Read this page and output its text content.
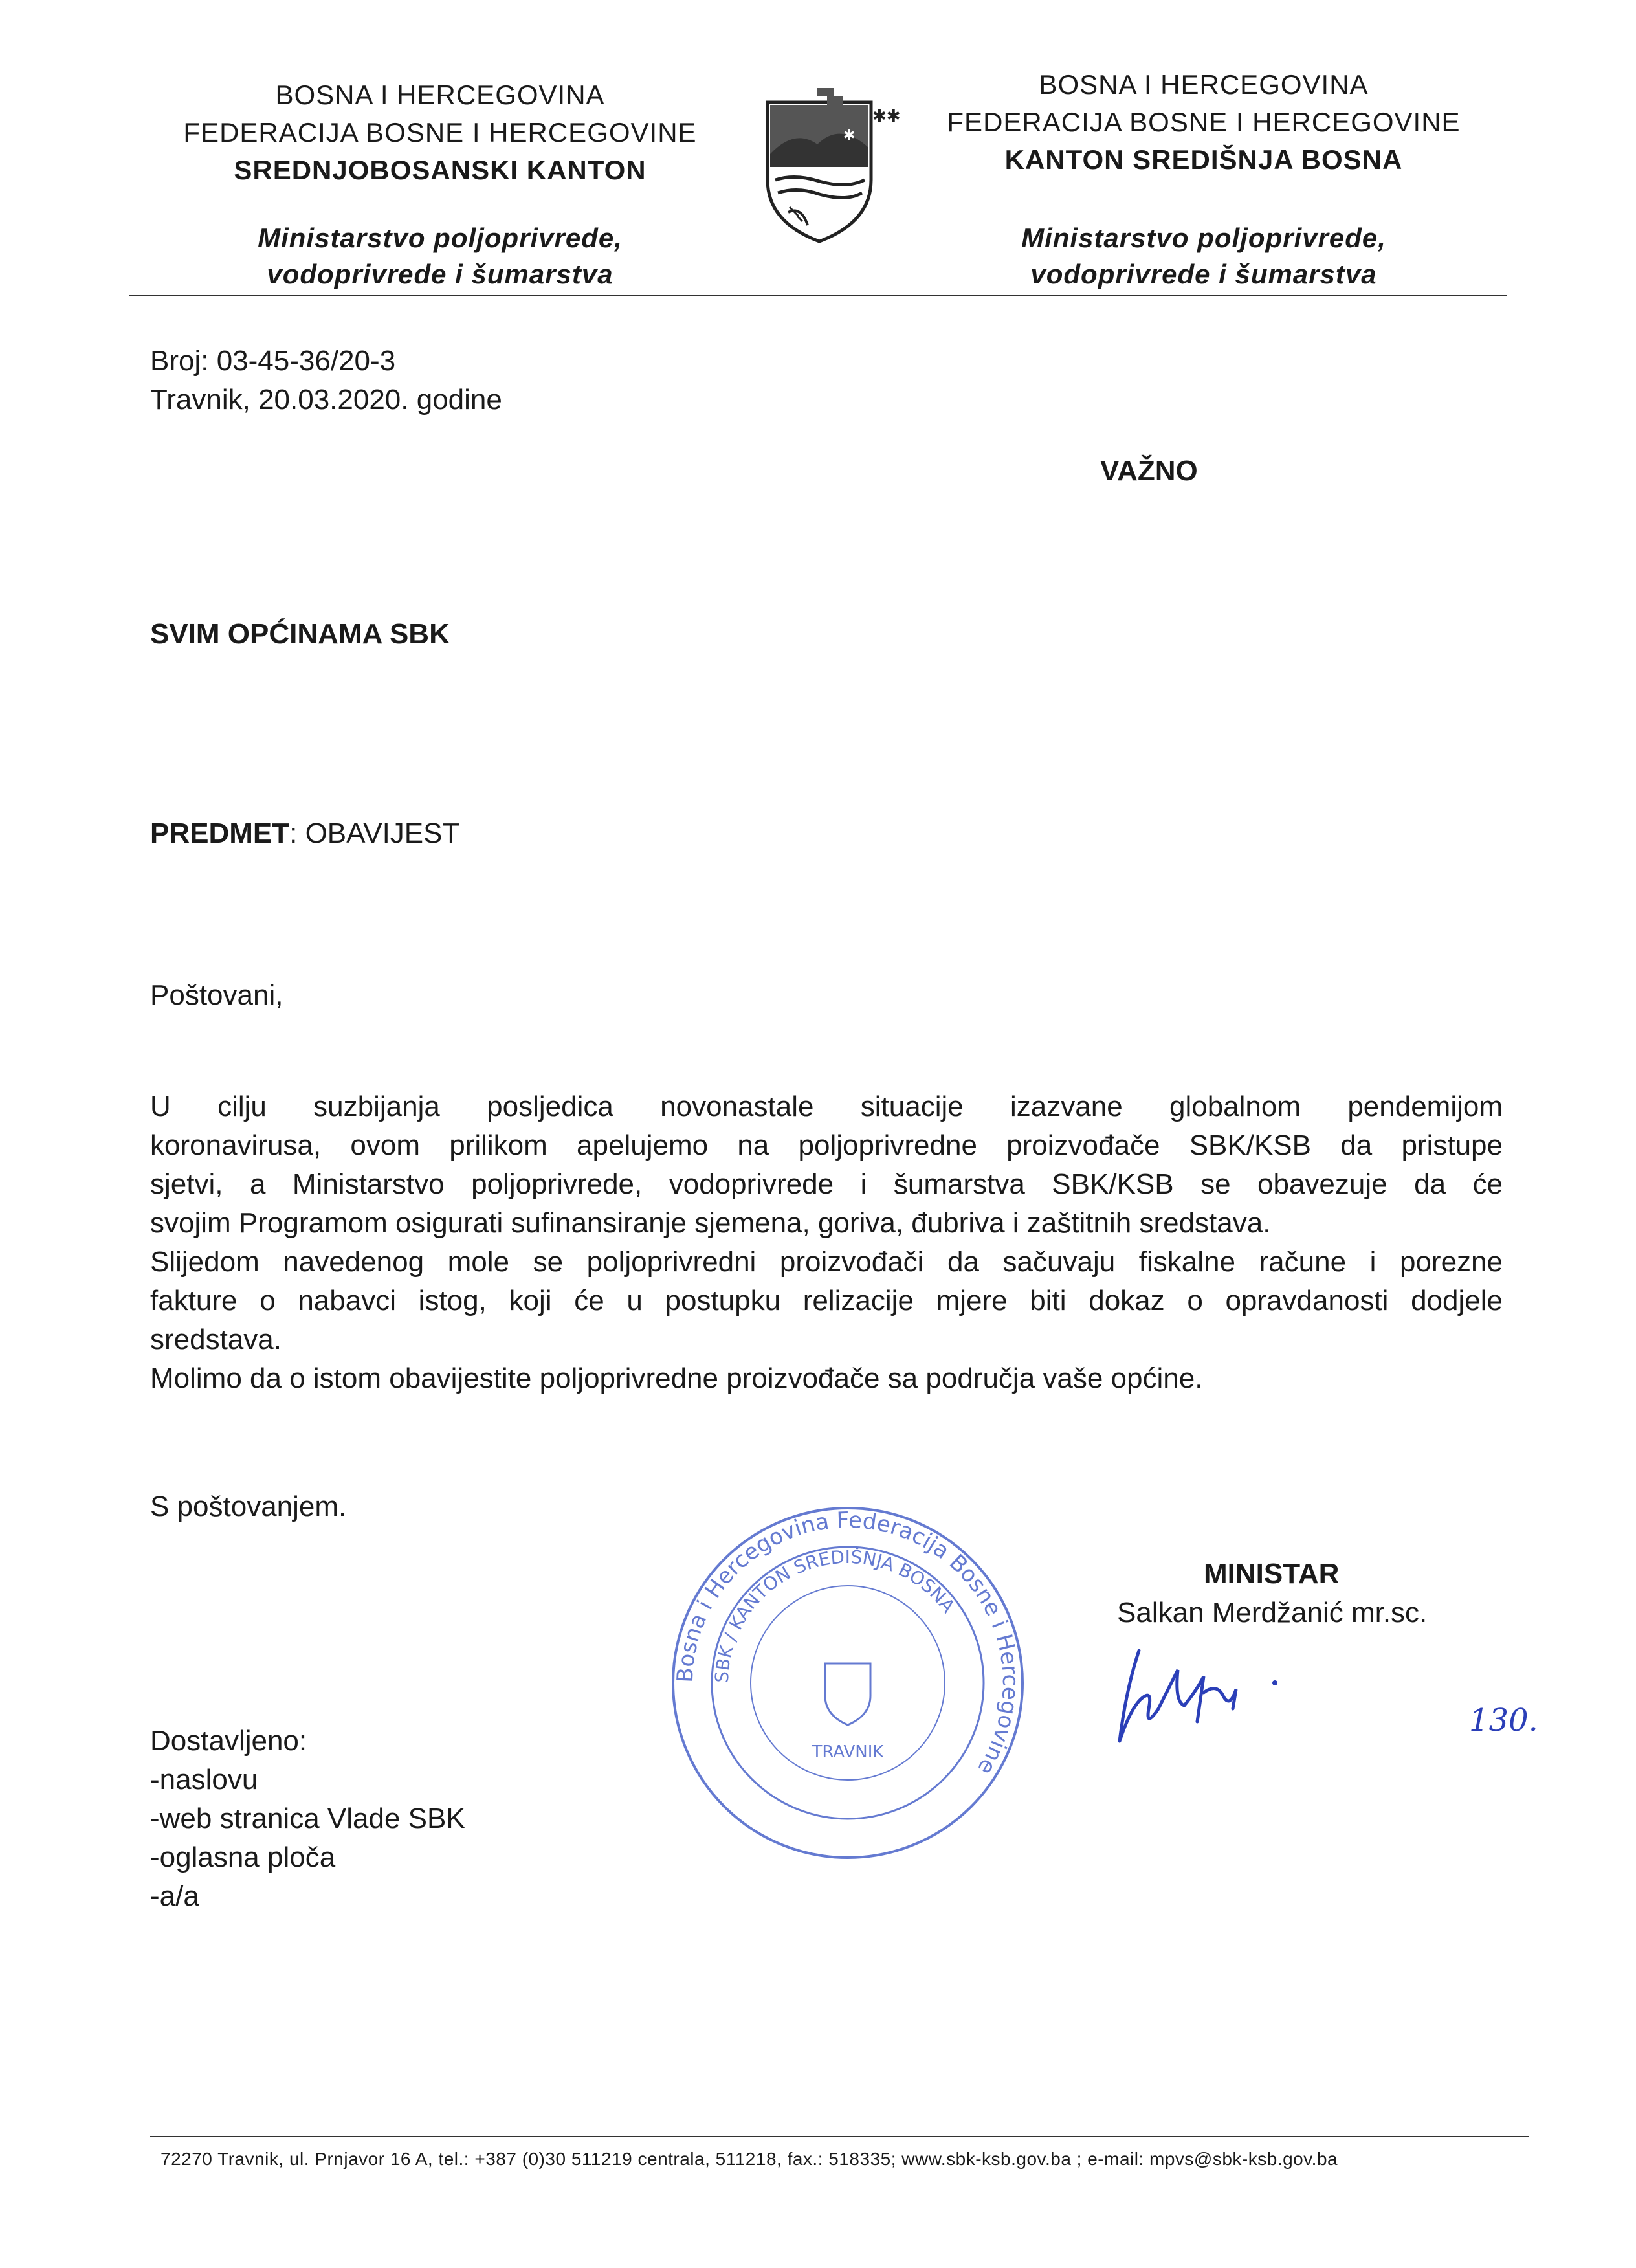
BOSNA I HERCEGOVINA
FEDERACIJA BOSNE I HERCEGOVINE
SREDNJOBOSANSKI KANTON
Ministarstvo poljoprivrede,
vodoprivrede i šumarstva
✱✱
✱
BOSNA I HERCEGOVINA
FEDERACIJA BOSNE I HERCEGOVINE
KANTON SREDIŠNJA BOSNA
Ministarstvo poljoprivrede,
vodoprivrede i šumarstva
Broj: 03-45-36/20-3
Travnik, 20.03.2020. godine
VAŽNO
SVIM OPĆINAMA SBK
PREDMET: OBAVIJEST
Poštovani,
U cilju suzbijanja posljedica novonastale situacije izazvane globalnom pendemijom
koronavirusa, ovom prilikom apelujemo na poljoprivredne proizvođače SBK/KSB da pristupe
sjetvi, a Ministarstvo poljoprivrede, vodoprivrede i šumarstva SBK/KSB se obavezuje da će
svojim Programom osigurati sufinansiranje sjemena, goriva, đubriva i zaštitnih sredstava.
Slijedom navedenog mole se poljoprivredni proizvođači da sačuvaju fiskalne račune i porezne
fakture o nabavci istog, koji će u postupku relizacije mjere biti dokaz o opravdanosti dodjele
sredstava.
Molimo da o istom obavijestite poljoprivredne proizvođače sa područja vaše općine.
S poštovanjem.
Bosna i Hercegovina Federacija Bosne i Hercegovine
SBK / KANTON SREDIŠNJA BOSNA
TRAVNIK
MINISTAR
Salkan Merdžanić mr.sc.
130.
Dostavljeno:
-naslovu
-web stranica Vlade SBK
-oglasna ploča
-a/a
72270 Travnik, ul. Prnjavor 16 A, tel.: +387 (0)30 511219 centrala, 511218, fax.: 518335; www.sbk-ksb.gov.ba ; e-mail: mpvs@sbk-ksb.gov.ba
